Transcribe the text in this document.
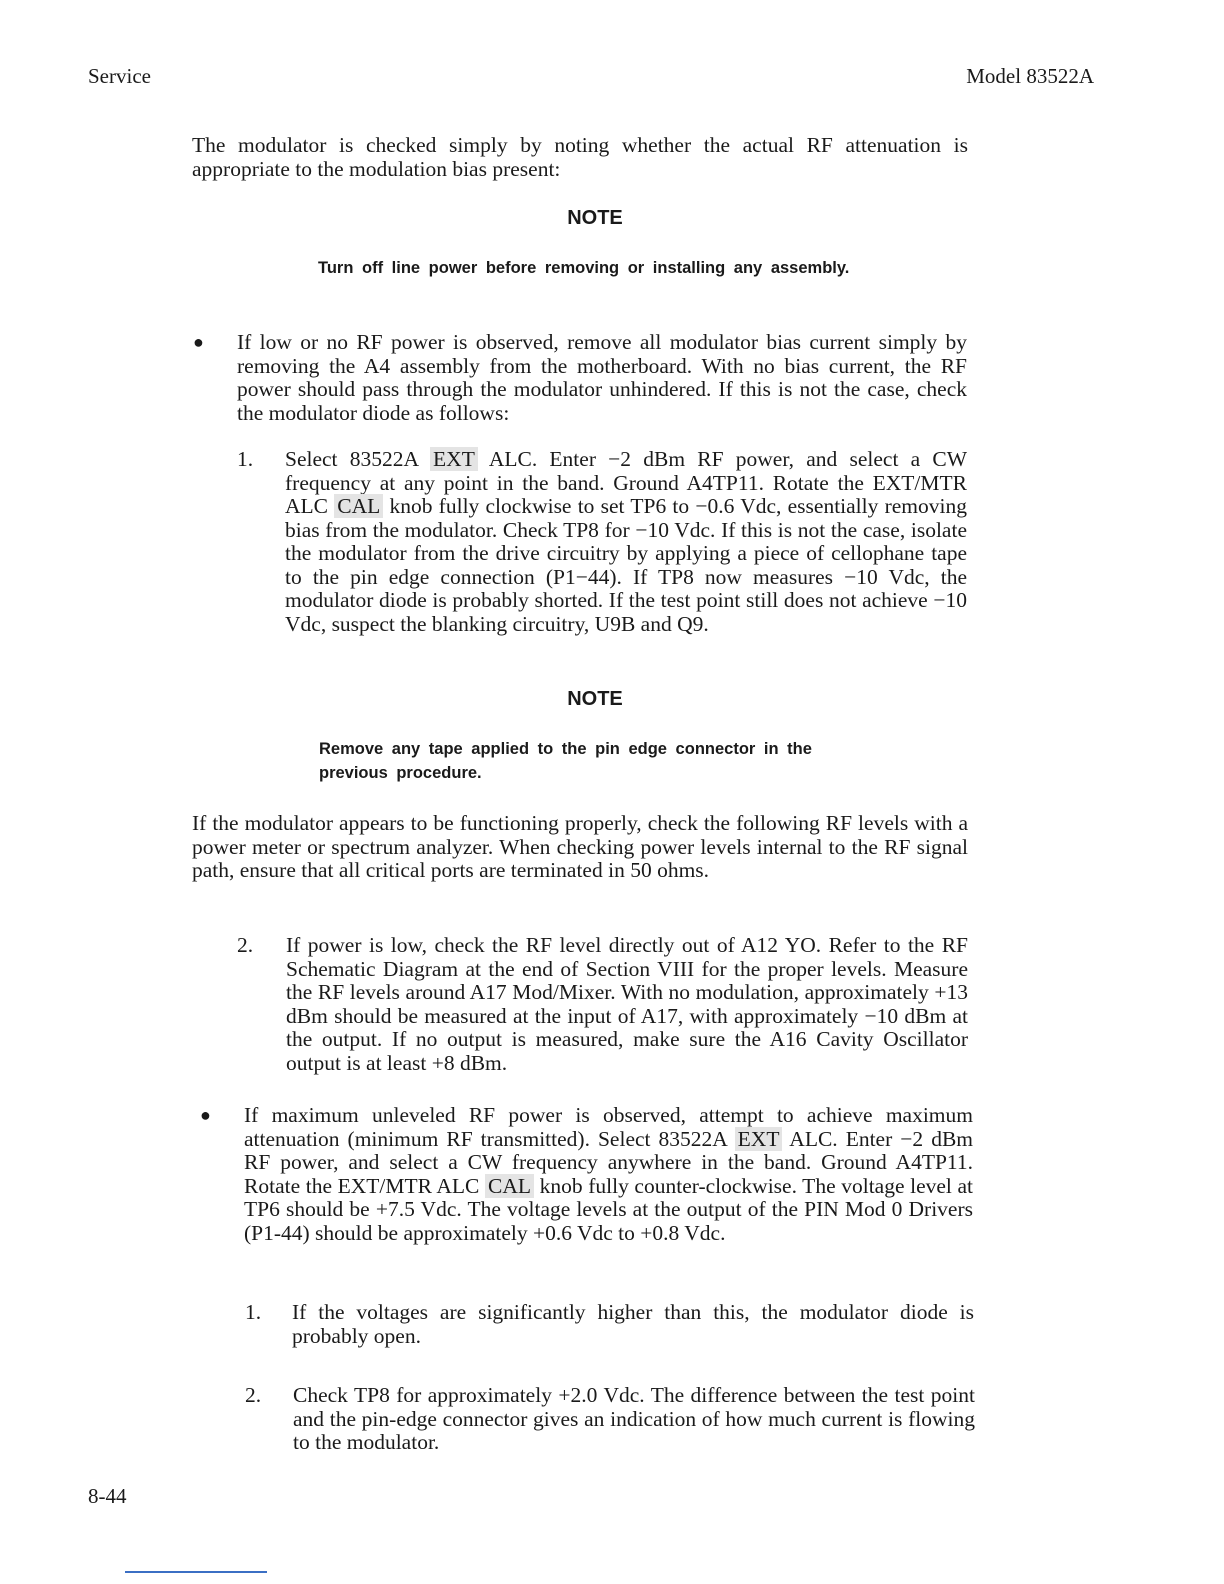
Service	Model 83522A

The modulator is checked simply by noting whether the actual RF attenuation is appropriate to the modulation bias present:

NOTE

Turn off line power before removing or installing any assembly.

● If low or no RF power is observed, remove all modulator bias current simply by removing the A4 assembly from the motherboard. With no bias current, the RF power should pass through the modulator unhindered. If this is not the case, check the modulator diode as follows:

1. Select 83522A EXT ALC. Enter −2 dBm RF power, and select a CW frequency at any point in the band. Ground A4TP11. Rotate the EXT/MTR ALC CAL knob fully clockwise to set TP6 to −0.6 Vdc, essentially removing bias from the modulator. Check TP8 for −10 Vdc. If this is not the case, isolate the modulator from the drive circuitry by applying a piece of cellophane tape to the pin edge connection (P1−44). If TP8 now measures −10 Vdc, the modulator diode is probably shorted. If the test point still does not achieve −10 Vdc, suspect the blanking circuitry, U9B and Q9.

NOTE

Remove any tape applied to the pin edge connector in the previous procedure.

If the modulator appears to be functioning properly, check the following RF levels with a power meter or spectrum analyzer. When checking power levels internal to the RF signal path, ensure that all critical ports are terminated in 50 ohms.

2. If power is low, check the RF level directly out of A12 YO. Refer to the RF Schematic Diagram at the end of Section VIII for the proper levels. Measure the RF levels around A17 Mod/Mixer. With no modulation, approximately +13 dBm should be measured at the input of A17, with approximately −10 dBm at the output. If no output is measured, make sure the A16 Cavity Oscillator output is at least +8 dBm.

● If maximum unleveled RF power is observed, attempt to achieve maximum attenuation (minimum RF transmitted). Select 83522A EXT ALC. Enter −2 dBm RF power, and select a CW frequency anywhere in the band. Ground A4TP11. Rotate the EXT/MTR ALC CAL knob fully counter-clockwise. The voltage level at TP6 should be +7.5 Vdc. The voltage levels at the output of the PIN Mod 0 Drivers (P1-44) should be approximately +0.6 Vdc to +0.8 Vdc.

1. If the voltages are significantly higher than this, the modulator diode is probably open.

2. Check TP8 for approximately +2.0 Vdc. The difference between the test point and the pin-edge connector gives an indication of how much current is flowing to the modulator.

8-44
